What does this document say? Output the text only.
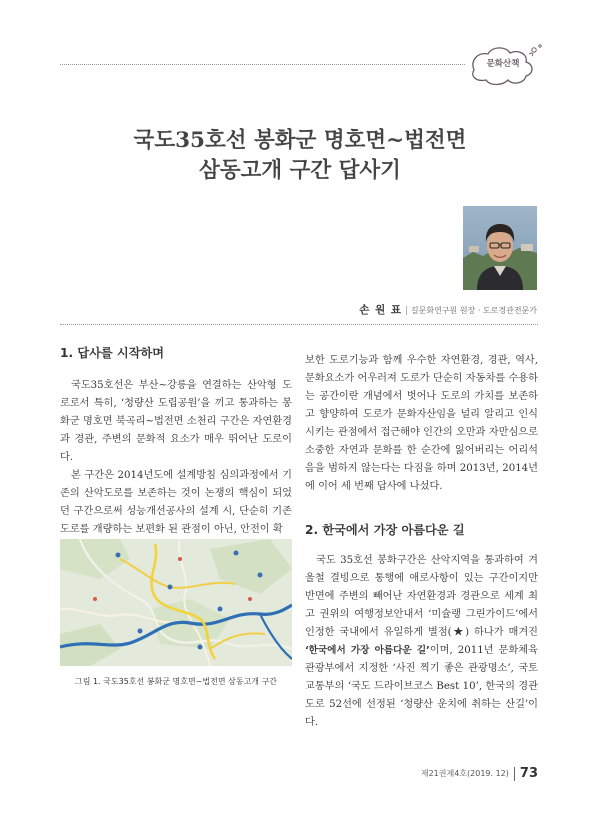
문화산책
국도35호선 봉화군 명호면~법전면
삼동고개 구간 답사기
손 원 표 | 길문화연구원 원장 · 도로경관전문가
1. 답사를 시작하며

국도35호선은 부산~강릉을 연결하는 산악형 도로로서 특히, ‘청량산 도립공원’을 끼고 통과하는 봉화군 명호면 북곡리~법전면 소천리 구간은 자연환경과 경관, 주변의 문화적 요소가 매우 뛰어난 도로이다.

본 구간은 2014년도에 설계방침 심의과정에서 기존의 산악도로를 보존하는 것이 논쟁의 핵심이 되었던 구간으로써 성능개선공사의 설계 시, 단순히 기존 도로를 개량하는 보편화 된 관점이 아닌, 안전이 확

그림 1. 국도35호선 봉화군 명호면~법전면 삼동고개 구간

보한 도로기능과 함께 우수한 자연환경, 경관, 역사, 문화요소가 어우러져 도로가 단순히 자동차를 수용하는 공간이란 개념에서 벗어나 도로의 가치를 보존하고 향양하여 도로가 문화자산임을 널리 알리고 인식시키는 관점에서 접근해야 인간의 오만과 자만심으로 소중한 자연과 문화를 한 순간에 잃어버리는 어리석음을 범하지 않는다는 다짐을 하며 2013년, 2014년에 이어 세 번째 답사에 나섰다.

2. 한국에서 가장 아름다운 길

국도 35호선 봉화구간은 산악지역을 통과하여 겨울철 결빙으로 통행에 애로사항이 있는 구간이지만 반면에 주변의 빼어난 자연환경과 경관으로 세계 최고 권위의 여행정보안내서 ‘미슐랭 그린가이드’에서 인정한 국내에서 유일하게 별점(★) 하나가 매겨진 ‘한국에서 가장 아름다운 길’이며, 2011년 문화체육관광부에서 지정한 ‘사진 찍기 좋은 관광명소’, 국토교통부의 ‘국도 드라이브코스 Best 10’, 한국의 경관도로 52선에 선정된 ‘청량산 운치에 취하는 산길’이다.

제21권제4호(2019. 12) 73
